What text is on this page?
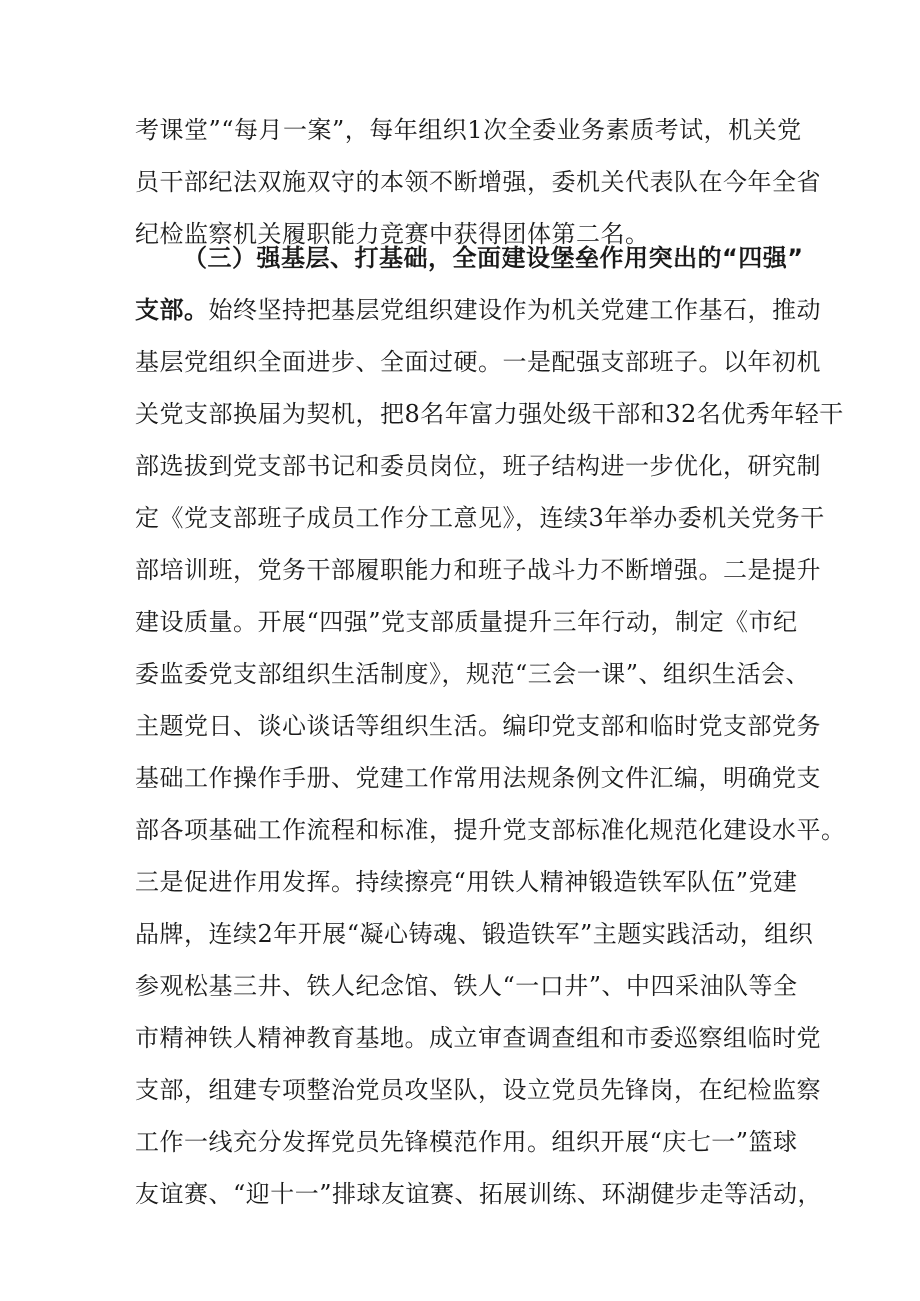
考课堂”“每月一案”，每年组织1次全委业务素质考试，机关党
员干部纪法双施双守的本领不断增强，委机关代表队在今年全省
纪检监察机关履职能力竞赛中获得团体第二名。
（三）强基层、打基础，全面建设堡垒作用突出的“四强”
支部。始终坚持把基层党组织建设作为机关党建工作基石，推动
基层党组织全面进步、全面过硬。一是配强支部班子。以年初机
关党支部换届为契机，把8名年富力强处级干部和32名优秀年轻干
部选拔到党支部书记和委员岗位，班子结构进一步优化，研究制
定《党支部班子成员工作分工意见》，连续3年举办委机关党务干
部培训班，党务干部履职能力和班子战斗力不断增强。二是提升
建设质量。开展“四强”党支部质量提升三年行动，制定《市纪
委监委党支部组织生活制度》，规范“三会一课”、组织生活会、
主题党日、谈心谈话等组织生活。编印党支部和临时党支部党务
基础工作操作手册、党建工作常用法规条例文件汇编，明确党支
部各项基础工作流程和标准，提升党支部标准化规范化建设水平。
三是促进作用发挥。持续擦亮“用铁人精神锻造铁军队伍”党建
品牌，连续2年开展“凝心铸魂、锻造铁军”主题实践活动，组织
参观松基三井、铁人纪念馆、铁人“一口井”、中四采油队等全
市精神铁人精神教育基地。成立审查调查组和市委巡察组临时党
支部，组建专项整治党员攻坚队，设立党员先锋岗，在纪检监察
工作一线充分发挥党员先锋模范作用。组织开展“庆七一”篮球
友谊赛、“迎十一”排球友谊赛、拓展训练、环湖健步走等活动，
